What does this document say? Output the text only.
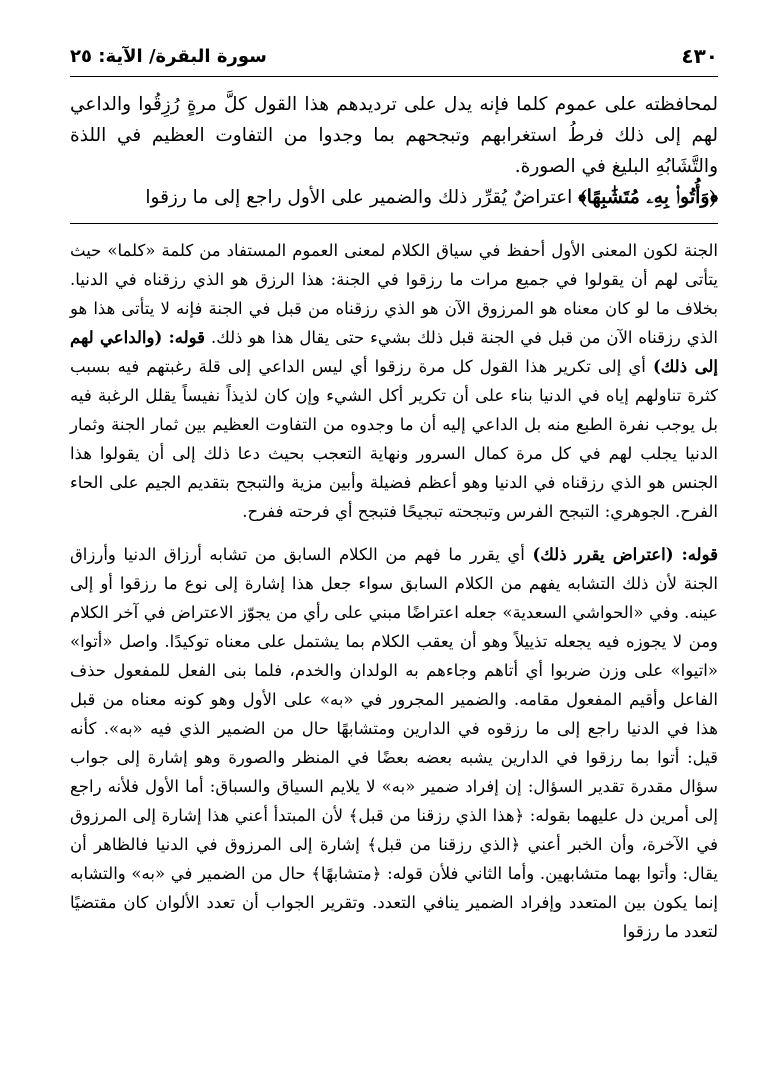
٤٣٠
سورة البقرة/ الآية: ٢٥

لمحافظته على عموم كلما فإنه يدل على ترديدهم هذا القول كلَّ مرةٍ رُزِقُوا والداعي لهم إلى ذلك فرطُ استغرابهم وتبجحهم بما وجدوا من التفاوت العظيم في اللذة والتَّشَابُهِ البليغ في الصورة.

﴿وَأُتُوا۟ بِهِۦ مُتَشَٰبِهًا﴾ اعتراضٌ يُقرِّر ذلك والضمير على الأول راجع إلى ما رزقوا

الجنة لكون المعنى الأول أحفظ في سياق الكلام لمعنى العموم المستفاد من كلمة «كلما» حيث يتأتى لهم أن يقولوا في جميع مرات ما رزقوا في الجنة: هذا الرزق هو الذي رزقناه في الدنيا. بخلاف ما لو كان معناه هو المرزوق الآن هو الذي رزقناه من قبل في الجنة فإنه لا يتأتى هذا هو الذي رزقناه الآن من قبل في الجنة قبل ذلك بشيء حتى يقال هذا هو ذلك. قوله: (والداعي لهم إلى ذلك) أي إلى تكرير هذا القول كل مرة رزقوا أي ليس الداعي إلى قلة رغبتهم فيه بسبب كثرة تناولهم إياه في الدنيا بناء على أن تكرير أكل الشيء وإن كان لذيذاً نفيساً يقلل الرغبة فيه بل يوجب نفرة الطبع منه بل الداعي إليه أن ما وجدوه من التفاوت العظيم بين ثمار الجنة وثمار الدنيا يجلب لهم في كل مرة كمال السرور ونهاية التعجب بحيث دعا ذلك إلى أن يقولوا هذا الجنس هو الذي رزقناه في الدنيا وهو أعظم فضيلة وأبين مزية والتبجح بتقديم الجيم على الحاء الفرح. الجوهري: التبجح الفرس وتبجحته تبجيحًا فتبجح أي فرحته ففرح.

قوله: (اعتراض يقرر ذلك) أي يقرر ما فهم من الكلام السابق من تشابه أرزاق الدنيا وأرزاق الجنة لأن ذلك التشابه يفهم من الكلام السابق سواء جعل هذا إشارة إلى نوع ما رزقوا أو إلى عينه. وفي «الحواشي السعدية» جعله اعتراضًا مبني على رأي من يجوّز الاعتراض في آخر الكلام ومن لا يجوزه فيه يجعله تذييلاً وهو أن يعقب الكلام بما يشتمل على معناه توكيدًا. واصل «أتوا» «اتيوا» على وزن ضربوا أي أتاهم وجاءهم به الولدان والخدم، فلما بنى الفعل للمفعول حذف الفاعل وأقيم المفعول مقامه. والضمير المجرور في «به» على الأول وهو كونه معناه من قبل هذا في الدنيا راجع إلى ما رزقوه في الدارين ومتشابهًا حال من الضمير الذي فيه «به». كأنه قيل: أتوا بما رزقوا في الدارين يشبه بعضه بعضًا في المنظر والصورة وهو إشارة إلى جواب سؤال مقدرة تقدير السؤال: إن إفراد ضمير «به» لا يلايم السياق والسباق: أما الأول فلأنه راجع إلى أمرين دل عليهما بقوله: ﴿هذا الذي رزقنا من قبل﴾ لأن المبتدأ أعني هذا إشارة إلى المرزوق في الآخرة، وأن الخبر أعني ﴿الذي رزقنا من قبل﴾ إشارة إلى المرزوق في الدنيا فالظاهر أن يقال: وأتوا بهما متشابهين. وأما الثاني فلأن قوله: ﴿متشابهًا﴾ حال من الضمير في «به» والتشابه إنما يكون بين المتعدد وإفراد الضمير ينافي التعدد. وتقرير الجواب أن تعدد الألوان كان مقتضيًا لتعدد ما رزقوا
